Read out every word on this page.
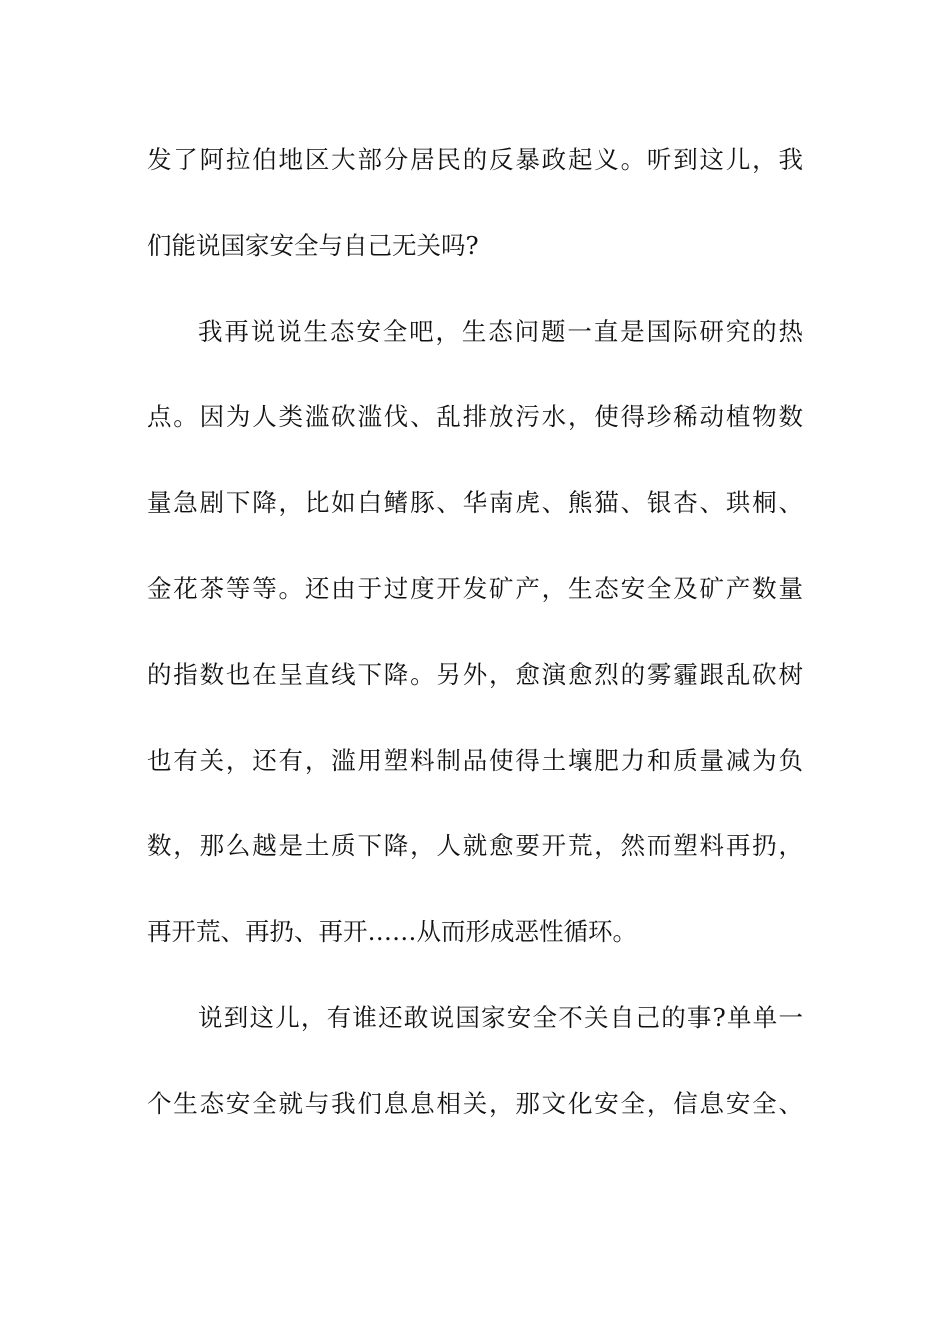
发了阿拉伯地区大部分居民的反暴政起义。听到这儿，我
们能说国家安全与自己无关吗?
我再说说生态安全吧，生态问题一直是国际研究的热
点。因为人类滥砍滥伐、乱排放污水，使得珍稀动植物数
量急剧下降，比如白鳍豚、华南虎、熊猫、银杏、珙桐、
金花茶等等。还由于过度开发矿产，生态安全及矿产数量
的指数也在呈直线下降。另外，愈演愈烈的雾霾跟乱砍树
也有关，还有，滥用塑料制品使得土壤肥力和质量减为负
数，那么越是土质下降，人就愈要开荒，然而塑料再扔，
再开荒、再扔、再开……从而形成恶性循环。
说到这儿，有谁还敢说国家安全不关自己的事?单单一
个生态安全就与我们息息相关，那文化安全，信息安全、
